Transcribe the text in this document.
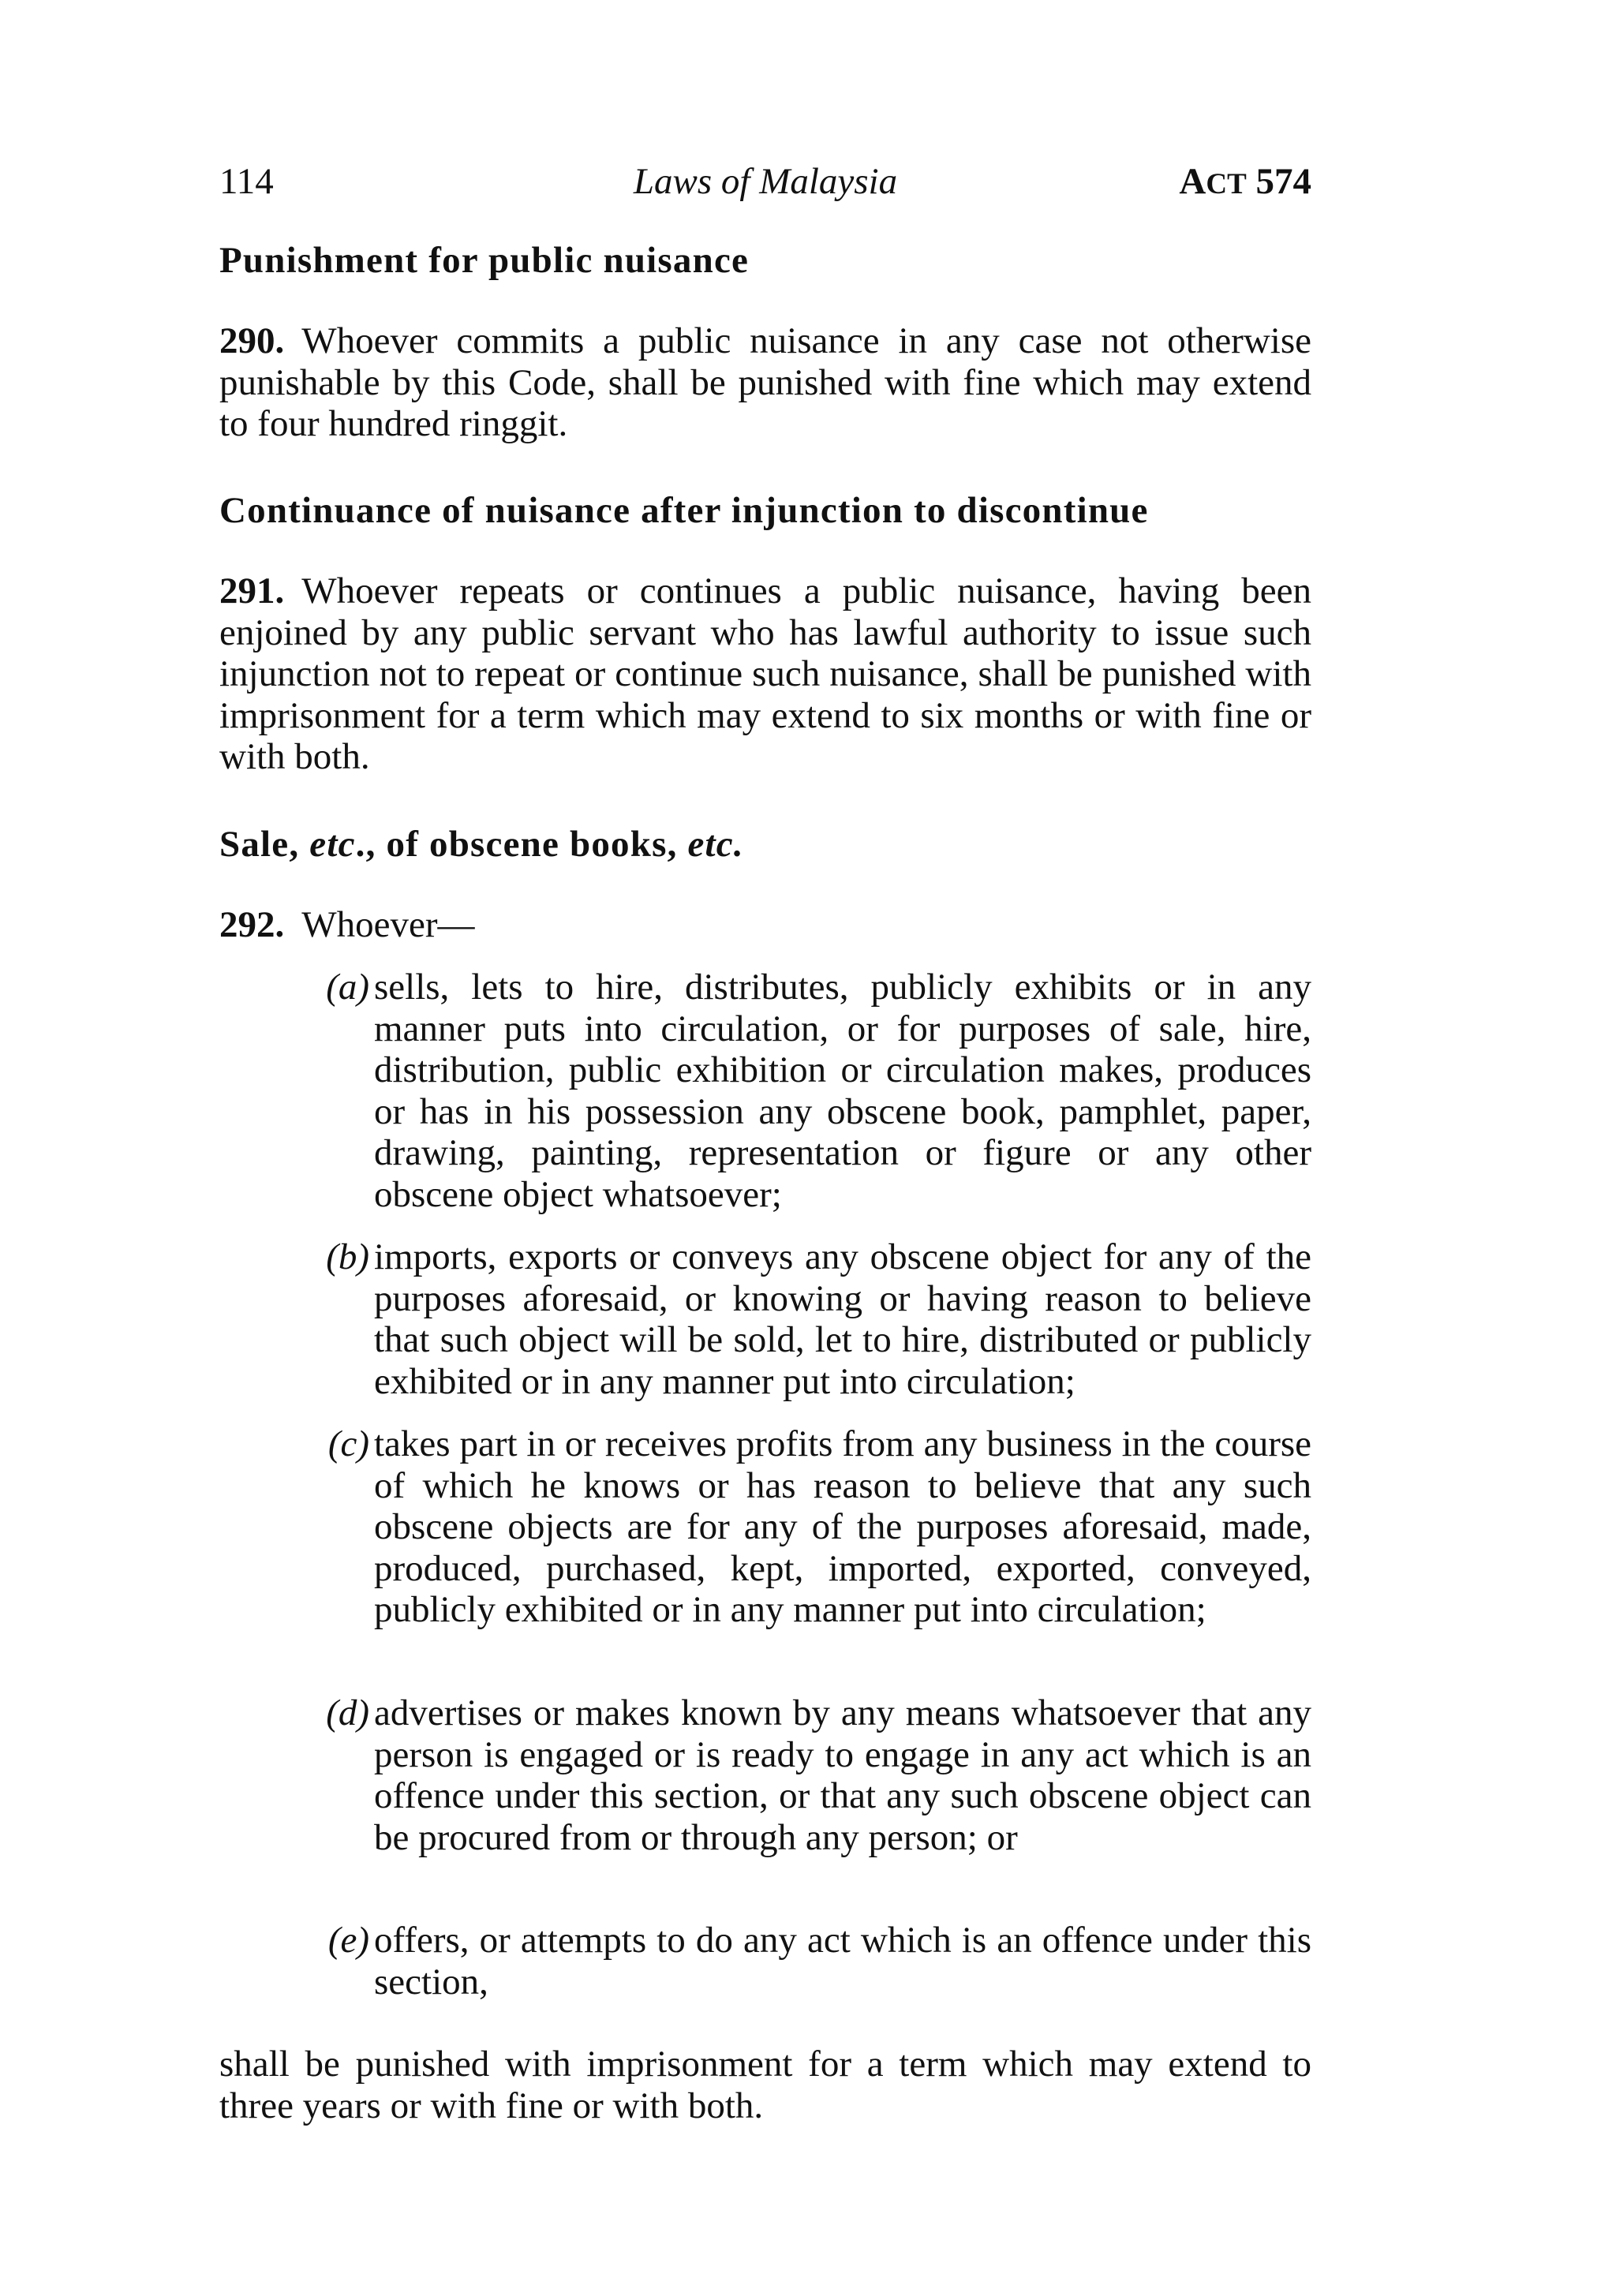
114	Laws of Malaysia	ACT 574
Punishment for public nuisance
290. Whoever commits a public nuisance in any case not otherwise punishable by this Code, shall be punished with fine which may extend to four hundred ringgit.
Continuance of nuisance after injunction to discontinue
291. Whoever repeats or continues a public nuisance, having been enjoined by any public servant who has lawful authority to issue such injunction not to repeat or continue such nuisance, shall be punished with imprisonment for a term which may extend to six months or with fine or with both.
Sale, etc., of obscene books, etc.
292. Whoever—
(a) sells, lets to hire, distributes, publicly exhibits or in any manner puts into circulation, or for purposes of sale, hire, distribution, public exhibition or circulation makes, produces or has in his possession any obscene book, pamphlet, paper, drawing, painting, representation or figure or any other obscene object whatsoever;
(b) imports, exports or conveys any obscene object for any of the purposes aforesaid, or knowing or having reason to believe that such object will be sold, let to hire, distributed or publicly exhibited or in any manner put into circulation;
(c) takes part in or receives profits from any business in the course of which he knows or has reason to believe that any such obscene objects are for any of the purposes aforesaid, made, produced, purchased, kept, imported, exported, conveyed, publicly exhibited or in any manner put into circulation;
(d) advertises or makes known by any means whatsoever that any person is engaged or is ready to engage in any act which is an offence under this section, or that any such obscene object can be procured from or through any person; or
(e) offers, or attempts to do any act which is an offence under this section,
shall be punished with imprisonment for a term which may extend to three years or with fine or with both.
